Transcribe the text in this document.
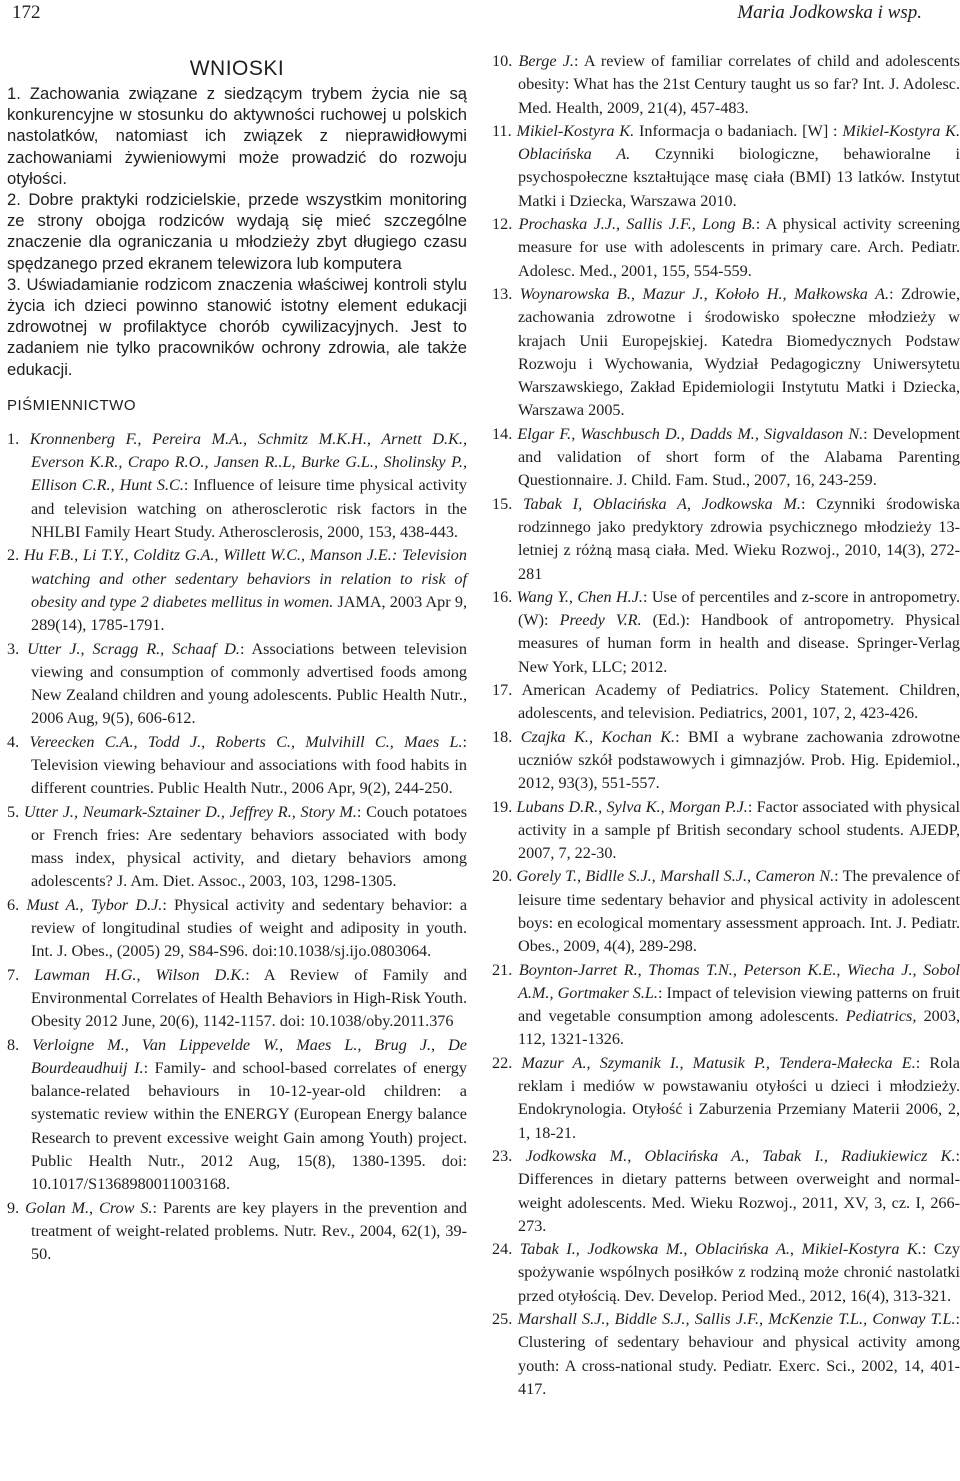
172	Maria Jodkowska i wsp.
WNIOSKI

1. Zachowania związane z siedzącym trybem życia nie są konkurencyjne w stosunku do aktywności ruchowej u polskich nastolatków, natomiast ich związek z nieprawidłowymi zachowaniami żywieniowymi może prowadzić do rozwoju otyłości.

2. Dobre praktyki rodzicielskie, przede wszystkim monitoring ze strony obojga rodziców wydają się mieć szczególne znaczenie dla ograniczania u młodzieży zbyt długiego czasu spędzanego przed ekranem telewizora lub komputera

3. Uświadamianie rodzicom znaczenia właściwej kontroli stylu życia ich dzieci powinno stanowić istotny element edukacji zdrowotnej w profilaktyce chorób cywilizacyjnych. Jest to zadaniem nie tylko pracowników ochrony zdrowia, ale także edukacji.

PIŚMIENNICTWO

1. Kronnenberg F., Pereira M.A., Schmitz M.K.H., Arnett D.K., Everson K.R., Crapo R.O., Jansen R..L, Burke G.L., Sholinsky P., Ellison C.R., Hunt S.C.: Influence of leisure time physical activity and television watching on atherosclerotic risk factors in the NHLBI Family Heart Study. Atherosclerosis, 2000, 153, 438-443.

2. Hu F.B., Li T.Y., Colditz G.A., Willett W.C., Manson J.E.: Television watching and other sedentary behaviors in relation to risk of obesity and type 2 diabetes mellitus in women. JAMA, 2003 Apr 9, 289(14), 1785-1791.

3. Utter J., Scragg R., Schaaf D.: Associations between television viewing and consumption of commonly advertised foods among New Zealand children and young adolescents. Public Health Nutr., 2006 Aug, 9(5), 606-612.

4. Vereecken C.A., Todd J., Roberts C., Mulvihill C., Maes L.: Television viewing behaviour and associations with food habits in different countries. Public Health Nutr., 2006 Apr, 9(2), 244-250.

5. Utter J., Neumark-Sztainer D., Jeffrey R., Story M.: Couch potatoes or French fries: Are sedentary behaviors associated with body mass index, physical activity, and dietary behaviors among adolescents? J. Am. Diet. Assoc., 2003, 103, 1298-1305.

6. Must A., Tybor D.J.: Physical activity and sedentary behavior: a review of longitudinal studies of weight and adiposity in youth. Int. J. Obes., (2005) 29, S84-S96. doi:10.1038/sj.ijo.0803064.

7. Lawman H.G., Wilson D.K.: A Review of Family and Environmental Correlates of Health Behaviors in High-Risk Youth. Obesity 2012 June, 20(6), 1142-1157. doi: 10.1038/oby.2011.376

8. Verloigne M., Van Lippevelde W., Maes L., Brug J., De Bourdeaudhuij I.: Family- and school-based correlates of energy balance-related behaviours in 10-12-year-old children: a systematic review within the ENERGY (European Energy balance Research to prevent excessive weight Gain among Youth) project. Public Health Nutr., 2012 Aug, 15(8), 1380-1395. doi: 10.1017/S1368980011003168.

9. Golan M., Crow S.: Parents are key players in the prevention and treatment of weight-related problems. Nutr. Rev., 2004, 62(1), 39-50.

10. Berge J.: A review of familiar correlates of child and adolescents obesity: What has the 21st Century taught us so far? Int. J. Adolesc. Med. Health, 2009, 21(4), 457-483.

11. Mikiel-Kostyra K. Informacja o badaniach. [W] : Mikiel-Kostyra K. Oblacińska A. Czynniki biologiczne, behawioralne i psychospołeczne kształtujące masę ciała (BMI) 13 latków. Instytut Matki i Dziecka, Warszawa 2010.

12. Prochaska J.J., Sallis J.F., Long B.: A physical activity screening measure for use with adolescents in primary care. Arch. Pediatr. Adolesc. Med., 2001, 155, 554-559.

13. Woynarowska B., Mazur J., Kołoło H., Małkowska A.: Zdrowie, zachowania zdrowotne i środowisko społeczne młodzieży w krajach Unii Europejskiej. Katedra Biomedycznych Podstaw Rozwoju i Wychowania, Wydział Pedagogiczny Uniwersytetu Warszawskiego, Zakład Epidemiologii Instytutu Matki i Dziecka, Warszawa 2005.

14. Elgar F., Waschbusch D., Dadds M., Sigvaldason N.: Development and validation of short form of the Alabama Parenting Questionnaire. J. Child. Fam. Stud., 2007, 16, 243-259.

15. Tabak I, Oblacińska A, Jodkowska M.: Czynniki środowiska rodzinnego jako predyktory zdrowia psychicznego młodzieży 13-letniej z różną masą ciała. Med. Wieku Rozwoj., 2010, 14(3), 272-281

16. Wang Y., Chen H.J.: Use of percentiles and z-score in antropometry. (W): Preedy V.R. (Ed.): Handbook of antropometry. Physical measures of human form in health and disease. Springer-Verlag New York, LLC; 2012.

17. American Academy of Pediatrics. Policy Statement. Children, adolescents, and television. Pediatrics, 2001, 107, 2, 423-426.

18. Czajka K., Kochan K.: BMI a wybrane zachowania zdrowotne uczniów szkół podstawowych i gimnazjów. Prob. Hig. Epidemiol., 2012, 93(3), 551-557.

19. Lubans D.R., Sylva K., Morgan P.J.: Factor associated with physical activity in a sample pf British secondary school students. AJEDP, 2007, 7, 22-30.

20. Gorely T., Bidlle S.J., Marshall S.J., Cameron N.: The prevalence of leisure time sedentary behavior and physical activity in adolescent boys: en ecological momentary assessment approach. Int. J. Pediatr. Obes., 2009, 4(4), 289-298.

21. Boynton-Jarret R., Thomas T.N., Peterson K.E., Wiecha J., Sobol A.M., Gortmaker S.L.: Impact of television viewing patterns on fruit and vegetable consumption among adolescents. Pediatrics, 2003, 112, 1321-1326.

22. Mazur A., Szymanik I., Matusik P., Tendera-Małecka E.: Rola reklam i mediów w powstawaniu otyłości u dzieci i młodzieży. Endokrynologia. Otyłość i Zaburzenia Przemiany Materii 2006, 2, 1, 18-21.

23. Jodkowska M., Oblacińska A., Tabak I., Radiukiewicz K.: Differences in dietary patterns between overweight and normal-weight adolescents. Med. Wieku Rozwoj., 2011, XV, 3, cz. I, 266-273.

24. Tabak I., Jodkowska M., Oblacińska A., Mikiel-Kostyra K.: Czy spożywanie wspólnych posiłków z rodziną może chronić nastolatki przed otyłością. Dev. Develop. Period Med., 2012, 16(4), 313-321.

25. Marshall S.J., Biddle S.J., Sallis J.F., McKenzie T.L., Conway T.L.: Clustering of sedentary behaviour and physical activity among youth: A cross-national study. Pediatr. Exerc. Sci., 2002, 14, 401-417.
